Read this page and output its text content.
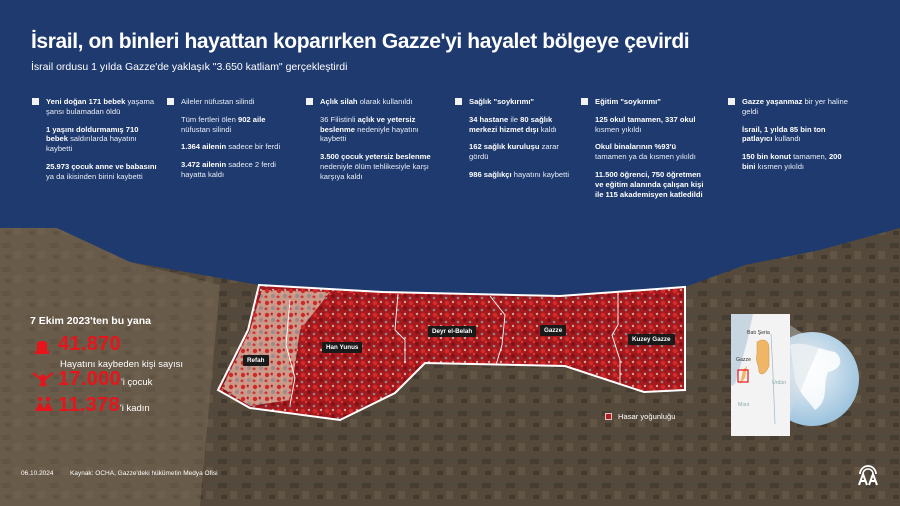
İsrail, on binleri hayattan koparırken Gazze'yi hayalet bölgeye çevirdi
İsrail ordusu 1 yılda Gazze'de yaklaşık "3.650 katliam" gerçekleştirdi
Yeni doğan 171 bebek yaşama şansı bulamadan öldü
1 yaşını doldurmamış 710 bebek saldırılarda hayatını kaybetti
25.973 çocuk anne ve babasını ya da ikisinden birini kaybetti
Aileler nüfustan silindi
Tüm fertleri ölen 902 aile nüfustan silindi
1.364 ailenin sadece bir ferdi
3.472 ailenin sadece 2 ferdi hayatta kaldı
Açlık silah olarak kullanıldı
36 Filistinli açlık ve yetersiz beslenme nedeniyle hayatını kaybetti
3.500 çocuk yetersiz beslenme nedeniyle ölüm tehlikesiyle karşı karşıya kaldı
Sağlık "soykırımı"
34 hastane ile 80 sağlık merkezi hizmet dışı kaldı
162 sağlık kuruluşu zarar gördü
986 sağlıkçı hayatını kaybetti
Eğitim "soykırımı"
125 okul tamamen, 337 okul kısmen yıkıldı
Okul binalarının %93'ü tamamen ya da kısmen yıkıldı
11.500 öğrenci, 750 öğretmen ve eğitim alanında çalışan kişi ile 115 akademisyen katledildi
Gazze yaşanmaz bir yer haline geldi
İsrail, 1 yılda 85 bin ton patlayıcı kullandı
150 bin konut tamamen, 200 bini kısmen yıkıldı
7 Ekim 2023'ten bu yana
41.870
Hayatını kaybeden kişi sayısı
17.000'i çocuk
11.378'i kadın
Refah
Han Yunus
Deyr el-Belah	Gazze
Kuzey Gazze
Hasar yoğunluğu
Batı Şeria
Gazze
Ürdün
Mısır
06.10.2024	Kaynak: OCHA, Gazze'deki hükümetin Medya Ofisi
